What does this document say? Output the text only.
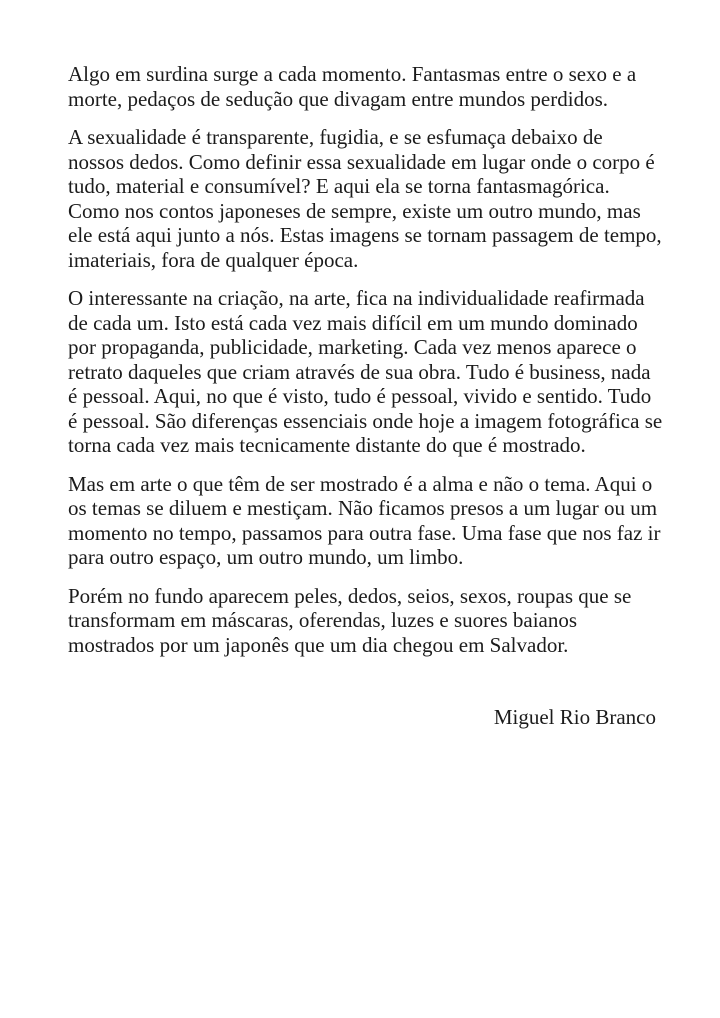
Algo em surdina surge a cada momento. Fantasmas entre o sexo e a
morte, pedaços de sedução que divagam entre mundos perdidos.

A sexualidade é transparente, fugidia, e se esfumaça debaixo de
nossos dedos. Como definir essa sexualidade em lugar onde o corpo é
tudo, material e consumível? E aqui ela se torna fantasmagórica.
Como nos contos japoneses de sempre, existe um outro mundo, mas
ele está aqui junto a nós. Estas imagens se tornam passagem de tempo,
imateriais, fora de qualquer época.

O interessante na criação, na arte, fica na individualidade reafirmada
de cada um. Isto está cada vez mais difícil em um mundo dominado
por propaganda, publicidade, marketing. Cada vez menos aparece o
retrato daqueles que criam através de sua obra. Tudo é business, nada
é pessoal. Aqui, no que é visto, tudo é pessoal, vivido e sentido. Tudo
é pessoal. São diferenças essenciais onde hoje a imagem fotográfica se
torna cada vez mais tecnicamente distante do que é mostrado.

Mas em arte o que têm de ser mostrado é a alma e não o tema. Aqui o
os temas se diluem e mestiçam. Não ficamos presos a um lugar ou um
momento no tempo, passamos para outra fase. Uma fase que nos faz ir
para outro espaço, um outro mundo, um limbo.

Porém no fundo aparecem peles, dedos, seios, sexos, roupas que se
transformam em máscaras, oferendas, luzes e suores baianos
mostrados por um japonês que um dia chegou em Salvador.

Miguel Rio Branco
